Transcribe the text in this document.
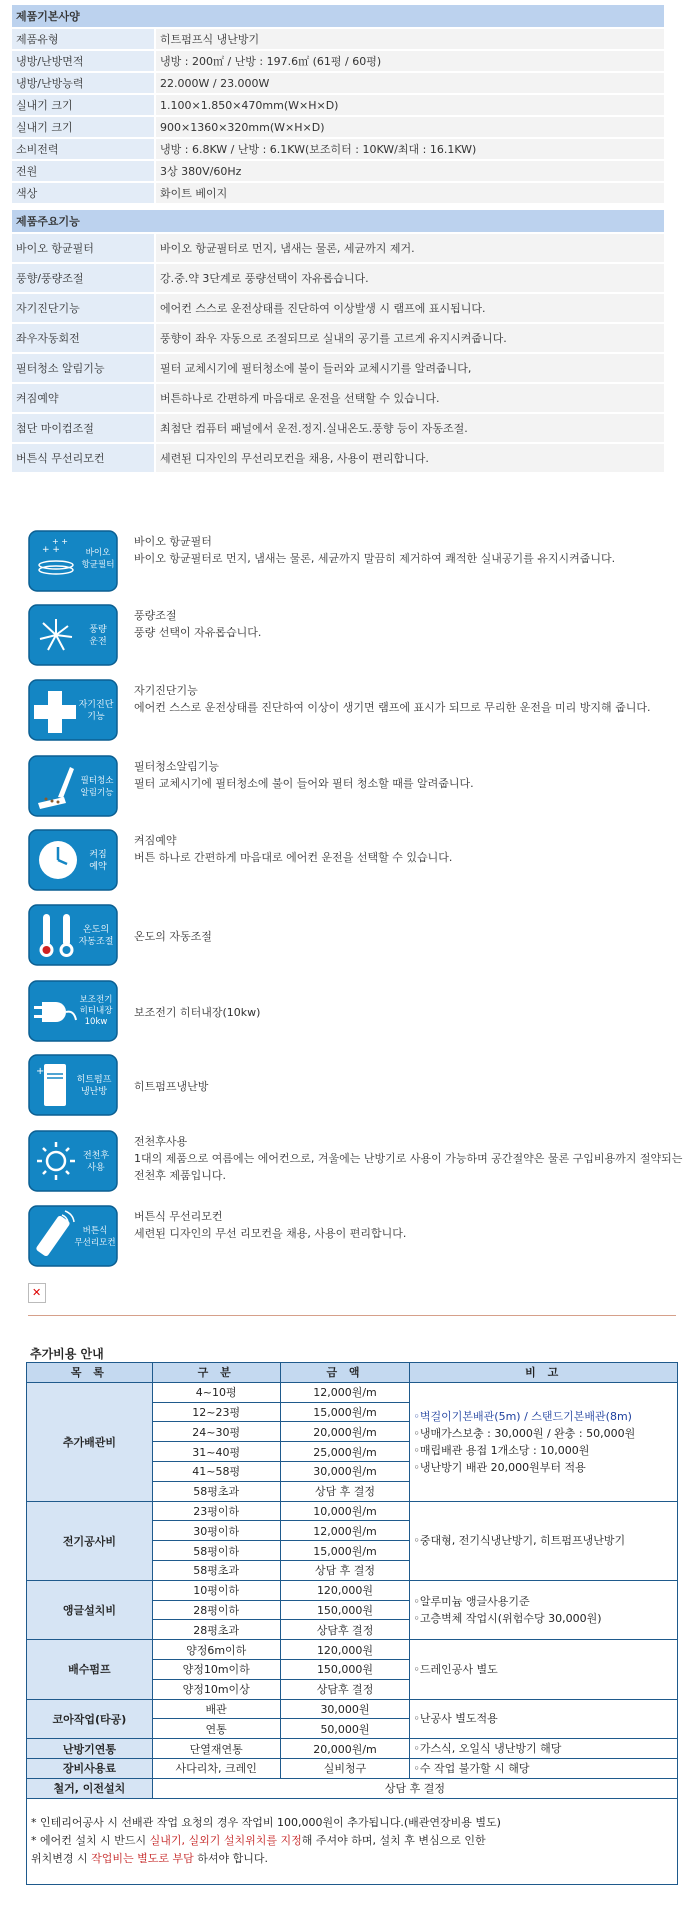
제품기본사양	
제품유형	히트펌프식 냉난방기
냉방/난방면적	냉방 : 200㎡ / 난방 : 197.6㎡ (61평 / 60평)
냉방/난방능력	22.000W / 23.000W
실내기 크기	1.100×1.850×470mm(W×H×D)
실내기 크기	900×1360×320mm(W×H×D)
소비전력	냉방 : 6.8KW / 난방 : 6.1KW(보조히터 : 10KW/최대 : 16.1KW)
전원	3상 380V/60Hz
색상	화이트 베이지
제품주요기능	
바이오 항균필터	바이오 항균필터로 먼지, 냄새는 물론, 세균까지 제거.
풍향/풍량조절	강.중.약 3단계로 풍량선택이 자유롭습니다.
자기진단기능	에어컨 스스로 운전상태를 진단하여 이상발생 시 램프에 표시됩니다.
좌우자동회전	풍향이 좌우 자동으로 조절되므로 실내의 공기를 고르게 유지시켜줍니다.
필터청소 알림기능	필터 교체시기에 필터청소에 불이 들러와 교체시기를 알려줍니다,
켜짐예약	버튼하나로 간편하게 마음대로 운전을 선택할 수 있습니다.
첨단 마이컴조절	최첨단 컴퓨터 패널에서 운전.정지.실내온도.풍향 등이 자동조절.
버튼식 무선리모컨	세련된 디자인의 무선리모컨을 채용, 사용이 편리합니다.
+ +
+ +
바이오
항균필터
바이오 항균필터
바이오 항균필터로 먼지, 냄새는 물론, 세균까지 말끔히 제거하여 쾌적한 실내공기를 유지시켜줍니다.
풍량
운전
풍량조절
풍량 선택이 자유롭습니다.
자기진단
기능
자기진단기능
에어컨 스스로 운전상태를 진단하여 이상이 생기면 램프에 표시가 되므로 무리한 운전을 미리 방지해 줍니다.
필터청소
알림기능
필터청소알림기능
필터 교체시기에 필터청소에 불이 들어와 필터 청소할 때를 알려줍니다.
켜짐
예약
켜짐예약
버튼 하나로 간편하게 마음대로 에어컨 운전을 선택할 수 있습니다.
온도의
자동조절 온도의 자동조절
보조전기
히터내장
10kw
보조전기 히터내장(10kw)
+
히트펌프
냉난방 히트펌프냉난방
전천후
사용
전천후사용
1대의 제품으로 여름에는 에어컨으로, 겨울에는 난방기로 사용이 가능하며 공간절약은 물론 구입비용까지 절약되는 전천후 제품입니다.
버튼식
무선리모컨
버튼식 무선리모컨
세련된 디자인의 무선 리모컨을 채용, 사용이 편리합니다.
✕
추가비용 안내
목 록	구 분	금 액	비 고
추가배관비	4~10평	12,000원/m	◦벽걸이기본배관(5m) / 스탠드기본배관(8m)
◦냉매가스보충 : 30,000원 / 완충 : 50,000원
◦매립배관 용접 1개소당 : 10,000원
◦냉난방기 배관 20,000원부터 적용

	12~23평	15,000원/m	
	24~30평	20,000원/m	
	31~40평	25,000원/m	
	41~58평	30,000원/m	
	58평초과	상담 후 결정	
전기공사비	23평이하	10,000원/m	◦중대형, 전기식냉난방기, 히트펌프냉난방기
	30평이하	12,000원/m	
	58평이하	15,000원/m	
	58평초과	상담 후 결정	
앵글설치비	10평이하	120,000원	◦알루미늄 앵글사용기준
◦고층벽체 작업시(위험수당 30,000원)

	28평이하	150,000원	
	28평초과	상담후 결정	
배수펌프	양정6m이하	120,000원	◦드레인공사 별도
	양정10m이하	150,000원	
	양정10m이상	상담후 결정	
코아작업(타공)	배관	30,000원	◦난공사 별도적용
	연통	50,000원	
난방기연통	단열재연통	20,000원/m	◦가스식, 오일식 냉난방기 해당
장비사용료	사다리차, 크레인	실비청구	◦수 작업 불가할 시 해당
철거, 이전설치	상담 후 결정		

* 인테리어공사 시 선배관 작업 요청의 경우 작업비 100,000원이 추가됩니다.(배관연장비용 별도)
* 에어컨 설치 시 반드시 실내기, 실외기 설치위치를 지정해 주셔야 하며, 설치 후 변심으로 인한
위치변경 시 작업비는 별도로 부담 하셔야 합니다.			
